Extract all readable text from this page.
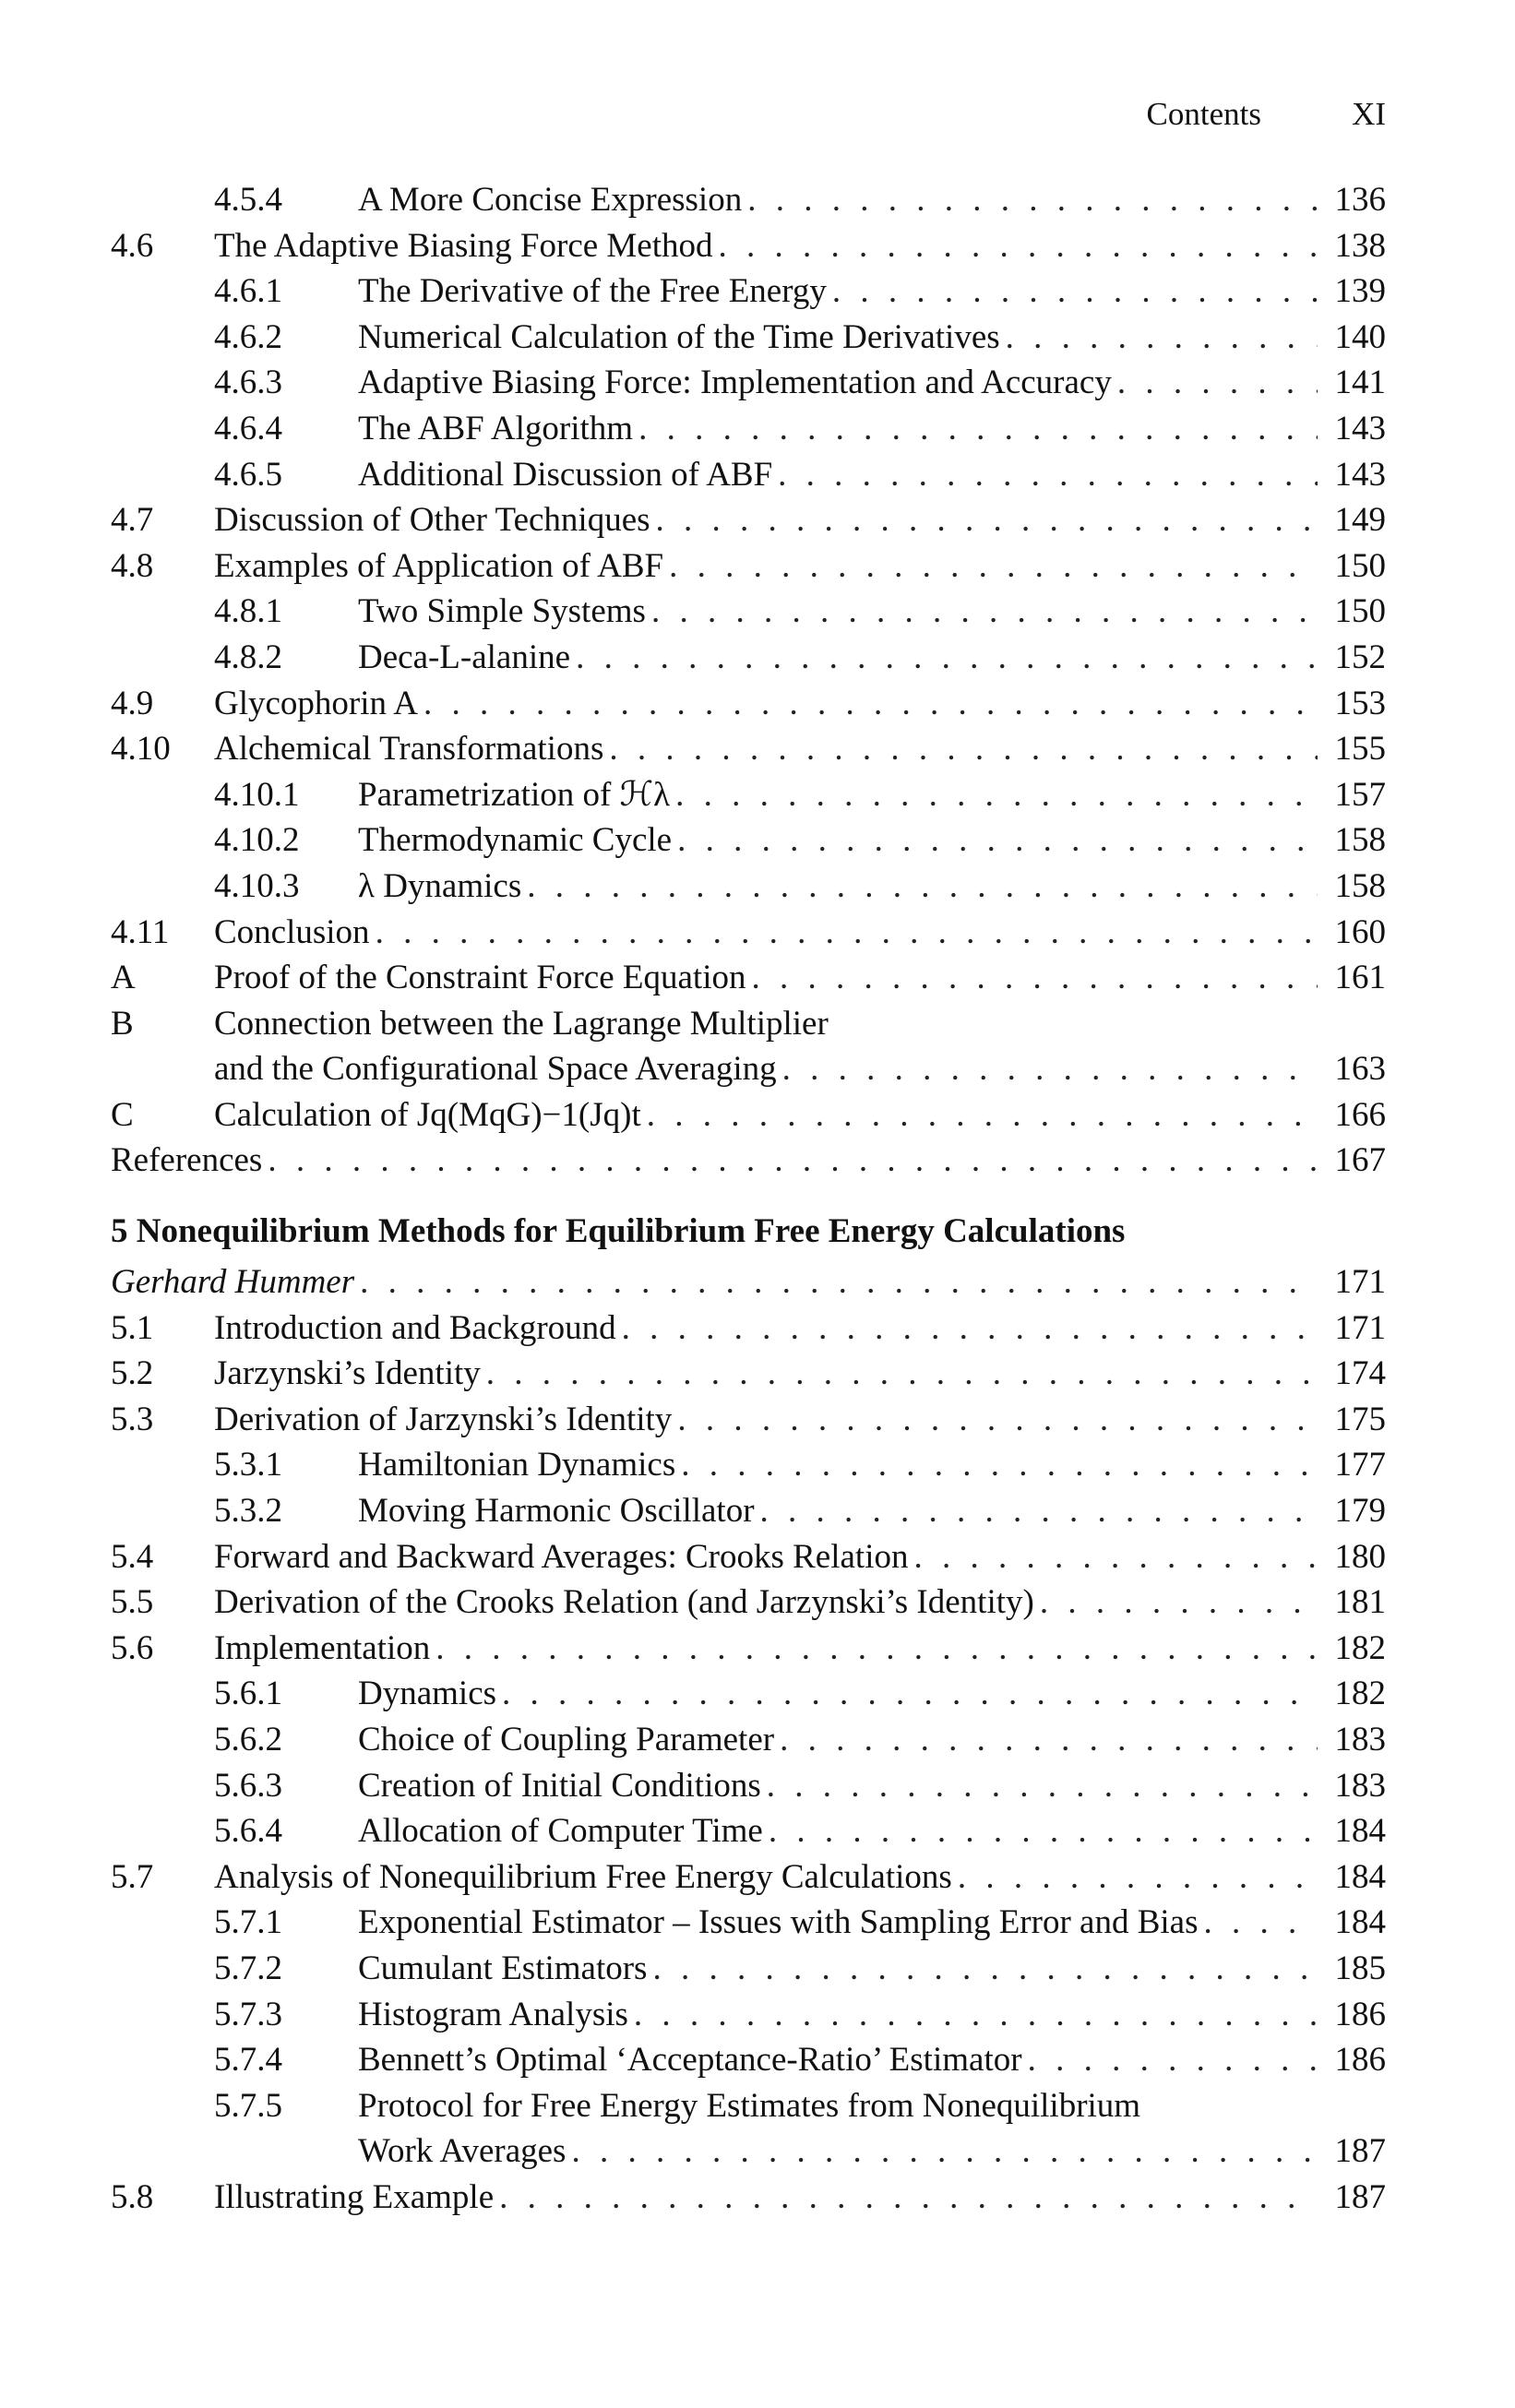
Contents	XI
4.5.4 A More Concise Expression . . .	136
4.6 The Adaptive Biasing Force Method . . .	138
4.6.1 The Derivative of the Free Energy . . .	139
4.6.2 Numerical Calculation of the Time Derivatives . . .	140
4.6.3 Adaptive Biasing Force: Implementation and Accuracy . . .	141
4.6.4 The ABF Algorithm . . .	143
4.6.5 Additional Discussion of ABF . . .	143
4.7 Discussion of Other Techniques . . .	149
4.8 Examples of Application of ABF . . .	150
4.8.1 Two Simple Systems . . .	150
4.8.2 Deca-L-alanine . . .	152
4.9 Glycophorin A . . .	153
4.10 Alchemical Transformations . . .	155
4.10.1 Parametrization of ℋλ . . .	157
4.10.2 Thermodynamic Cycle . . .	158
4.10.3 λ Dynamics . . .	158
4.11 Conclusion . . .	160
A Proof of the Constraint Force Equation . . .	161
B Connection between the Lagrange Multiplier
and the Configurational Space Averaging . . .	163
C Calculation of Jq(MqG)−1(Jq)t . . .	166
References . . .	167
5 Nonequilibrium Methods for Equilibrium Free Energy Calculations
Gerhard Hummer . . .	171
5.1 Introduction and Background . . .	171
5.2 Jarzynski’s Identity . . .	174
5.3 Derivation of Jarzynski’s Identity . . .	175
5.3.1 Hamiltonian Dynamics . . .	177
5.3.2 Moving Harmonic Oscillator . . .	179
5.4 Forward and Backward Averages: Crooks Relation . . .	180
5.5 Derivation of the Crooks Relation (and Jarzynski’s Identity) . . .	181
5.6 Implementation . . .	182
5.6.1 Dynamics . . .	182
5.6.2 Choice of Coupling Parameter . . .	183
5.6.3 Creation of Initial Conditions . . .	183
5.6.4 Allocation of Computer Time . . .	184
5.7 Analysis of Nonequilibrium Free Energy Calculations . . .	184
5.7.1 Exponential Estimator – Issues with Sampling Error and Bias . . .	184
5.7.2 Cumulant Estimators . . .	185
5.7.3 Histogram Analysis . . .	186
5.7.4 Bennett’s Optimal ‘Acceptance-Ratio’ Estimator . . .	186
5.7.5 Protocol for Free Energy Estimates from Nonequilibrium
Work Averages . . .	187
5.8 Illustrating Example . . .	187
